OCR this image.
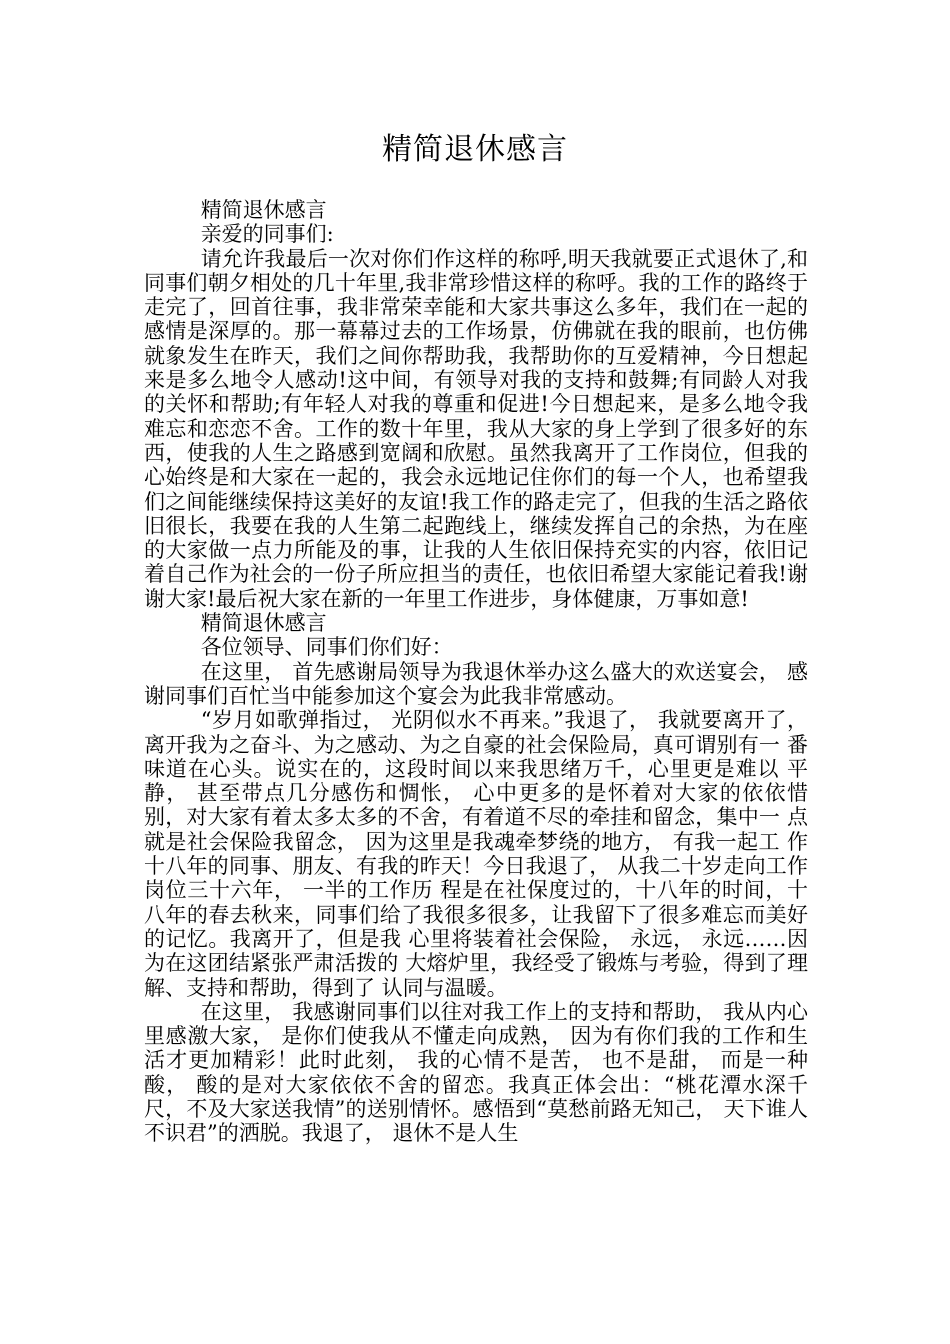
精简退休感言

精简退休感言

亲爱的同事们:

请允许我最后一次对你们作这样的称呼,明天我就要正式退休了,和同事们朝夕相处的几十年里,我非常珍惜这样的称呼。我的工作的路终于走完了，回首往事，我非常荣幸能和大家共事这么多年，我们在一起的感情是深厚的。那一幕幕过去的工作场景，仿佛就在我的眼前，也仿佛就象发生在昨天，我们之间你帮助我，我帮助你的互爱精神，今日想起来是多么地令人感动!这中间，有领导对我的支持和鼓舞;有同龄人对我的关怀和帮助;有年轻人对我的尊重和促进!今日想起来，是多么地令我难忘和恋恋不舍。工作的数十年里，我从大家的身上学到了很多好的东西，使我的人生之路感到宽阔和欣慰。虽然我离开了工作岗位，但我的心始终是和大家在一起的，我会永远地记住你们的每一个人，也希望我们之间能继续保持这美好的友谊!我工作的路走完了，但我的生活之路依旧很长，我要在我的人生第二起跑线上，继续发挥自己的余热，为在座的大家做一点力所能及的事，让我的人生依旧保持充实的内容，依旧记着自己作为社会的一份子所应担当的责任，也依旧希望大家能记着我!谢谢大家!最后祝大家在新的一年里工作进步，身体健康，万事如意!

精简退休感言

各位领导、同事们你们好：

在这里， 首先感谢局领导为我退休举办这么盛大的欢送宴会， 感 谢同事们百忙当中能参加这个宴会为此我非常感动。

“岁月如歌弹指过， 光阴似水不再来。”我退了， 我就要离开了， 离开我为之奋斗、为之感动、为之自豪的社会保险局，真可谓别有一 番味道在心头。说实在的，这段时间以来我思绪万千，心里更是难以 平静， 甚至带点几分感伤和惆怅， 心中更多的是怀着对大家的依依惜 别，对大家有着太多太多的不舍，有着道不尽的牵挂和留念，集中一 点就是社会保险我留念， 因为这里是我魂牵梦绕的地方， 有我一起工 作十八年的同事、朋友、有我的昨天！今日我退了， 从我二十岁走向工作岗位三十六年， 一半的工作历 程是在社保度过的，十八年的时间，十八年的春去秋来，同事们给了我很多很多，让我留下了很多难忘而美好的记忆。我离开了，但是我 心里将装着社会保险， 永远， 永远……因为在这团结紧张严肃活拨的 大熔炉里，我经受了锻炼与考验，得到了理解、支持和帮助，得到了 认同与温暖。

在这里， 我感谢同事们以往对我工作上的支持和帮助， 我从内心 里感激大家， 是你们使我从不懂走向成熟， 因为有你们我的工作和生 活才更加精彩！此时此刻， 我的心情不是苦， 也不是甜， 而是一种酸， 酸的是对大家依依不舍的留恋。我真正体会出：“桃花潭水深千尺，不及大家送我情”的送别情怀。感悟到“莫愁前路无知己， 天下谁人 不识君”的洒脱。我退了， 退休不是人生
